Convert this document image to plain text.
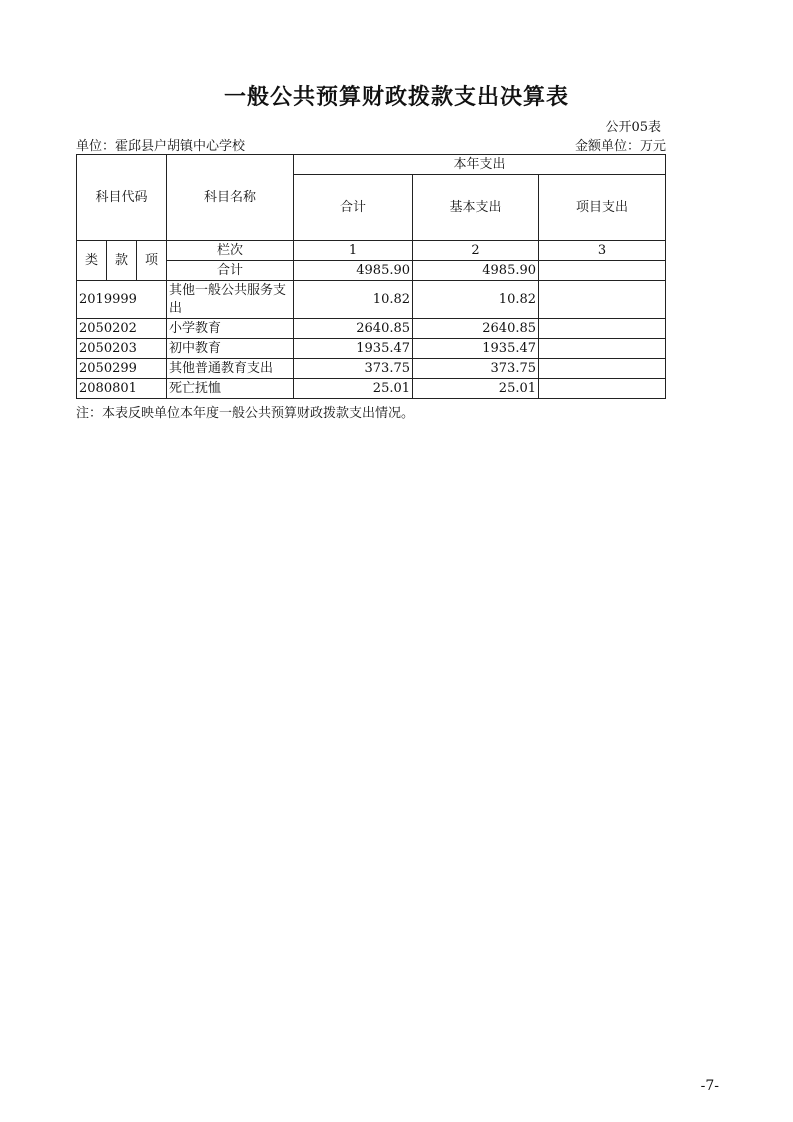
一般公共预算财政拨款支出决算表
公开05表
单位：霍邱县户胡镇中心学校	金额单位：万元
科目代码			科目名称	本年支出		
				合计	基本支出	项目支出
类	款	项	栏次	1	2	3
			合计	4985.90	4985.90	
2019999			其他一般公共服务支出	10.82	10.82	
2050202			小学教育	2640.85	2640.85	
2050203			初中教育	1935.47	1935.47	
2050299			其他普通教育支出	373.75	373.75	
2080801			死亡抚恤	25.01	25.01	
注：本表反映单位本年度一般公共预算财政拨款支出情况。
-7-
